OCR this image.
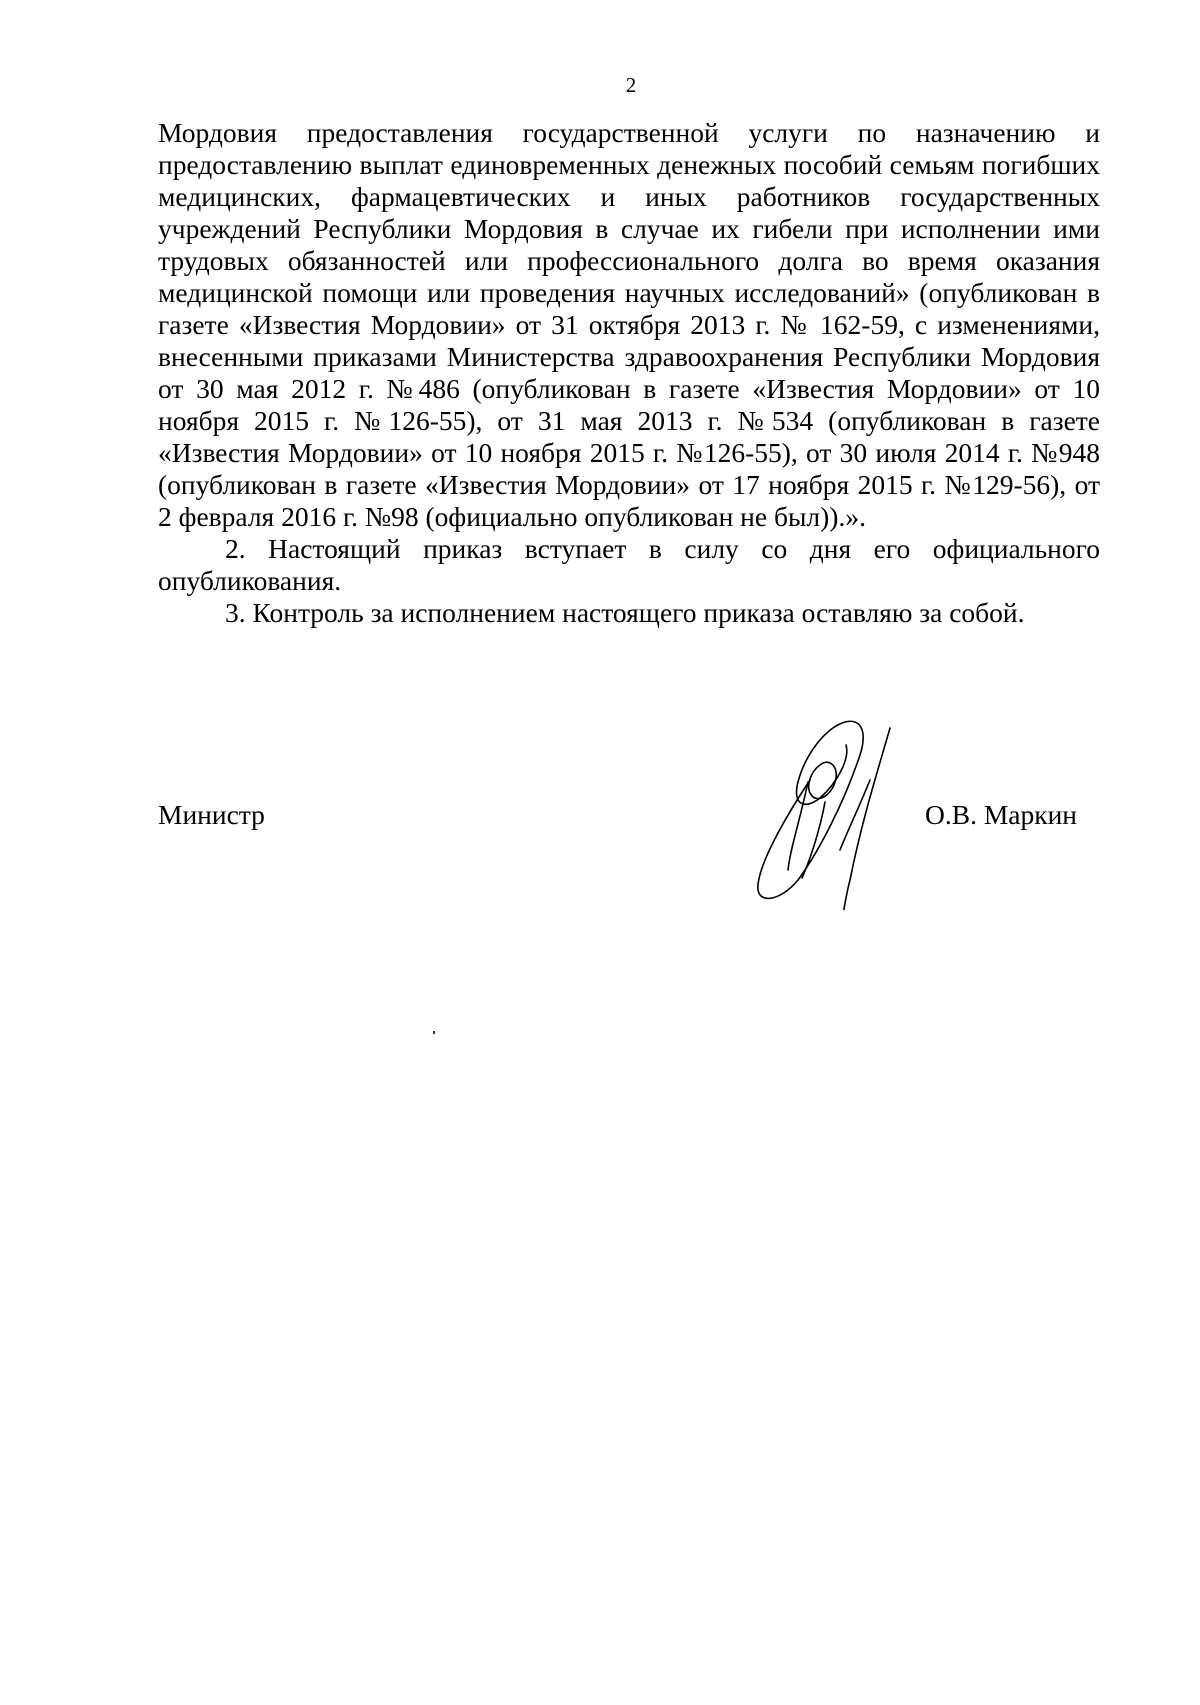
2

Мордовия предоставления государственной услуги по назначению и предоставлению выплат единовременных денежных пособий семьям погибших медицинских, фармацевтических и иных работников государственных учреждений Республики Мордовия в случае их гибели при исполнении ими трудовых обязанностей или профессионального долга во время оказания медицинской помощи или проведения научных исследований» (опубликован в газете «Известия Мордовии» от 31 октября 2013 г. № 162-59, с изменениями, внесенными приказами Министерства здравоохранения Республики Мордовия от 30 мая 2012 г. №486 (опубликован в газете «Известия Мордовии» от 10 ноября 2015 г. №126-55), от 31 мая 2013 г. №534 (опубликован в газете «Известия Мордовии» от 10 ноября 2015 г. №126-55), от 30 июля 2014 г. №948 (опубликован в газете «Известия Мордовии» от 17 ноября 2015 г. №129-56), от 2 февраля 2016 г. №98 (официально опубликован не был)).».

2. Настоящий приказ вступает в силу со дня его официального опубликования.

3. Контроль за исполнением настоящего приказа оставляю за собой.

Министр	О.В. Маркин
